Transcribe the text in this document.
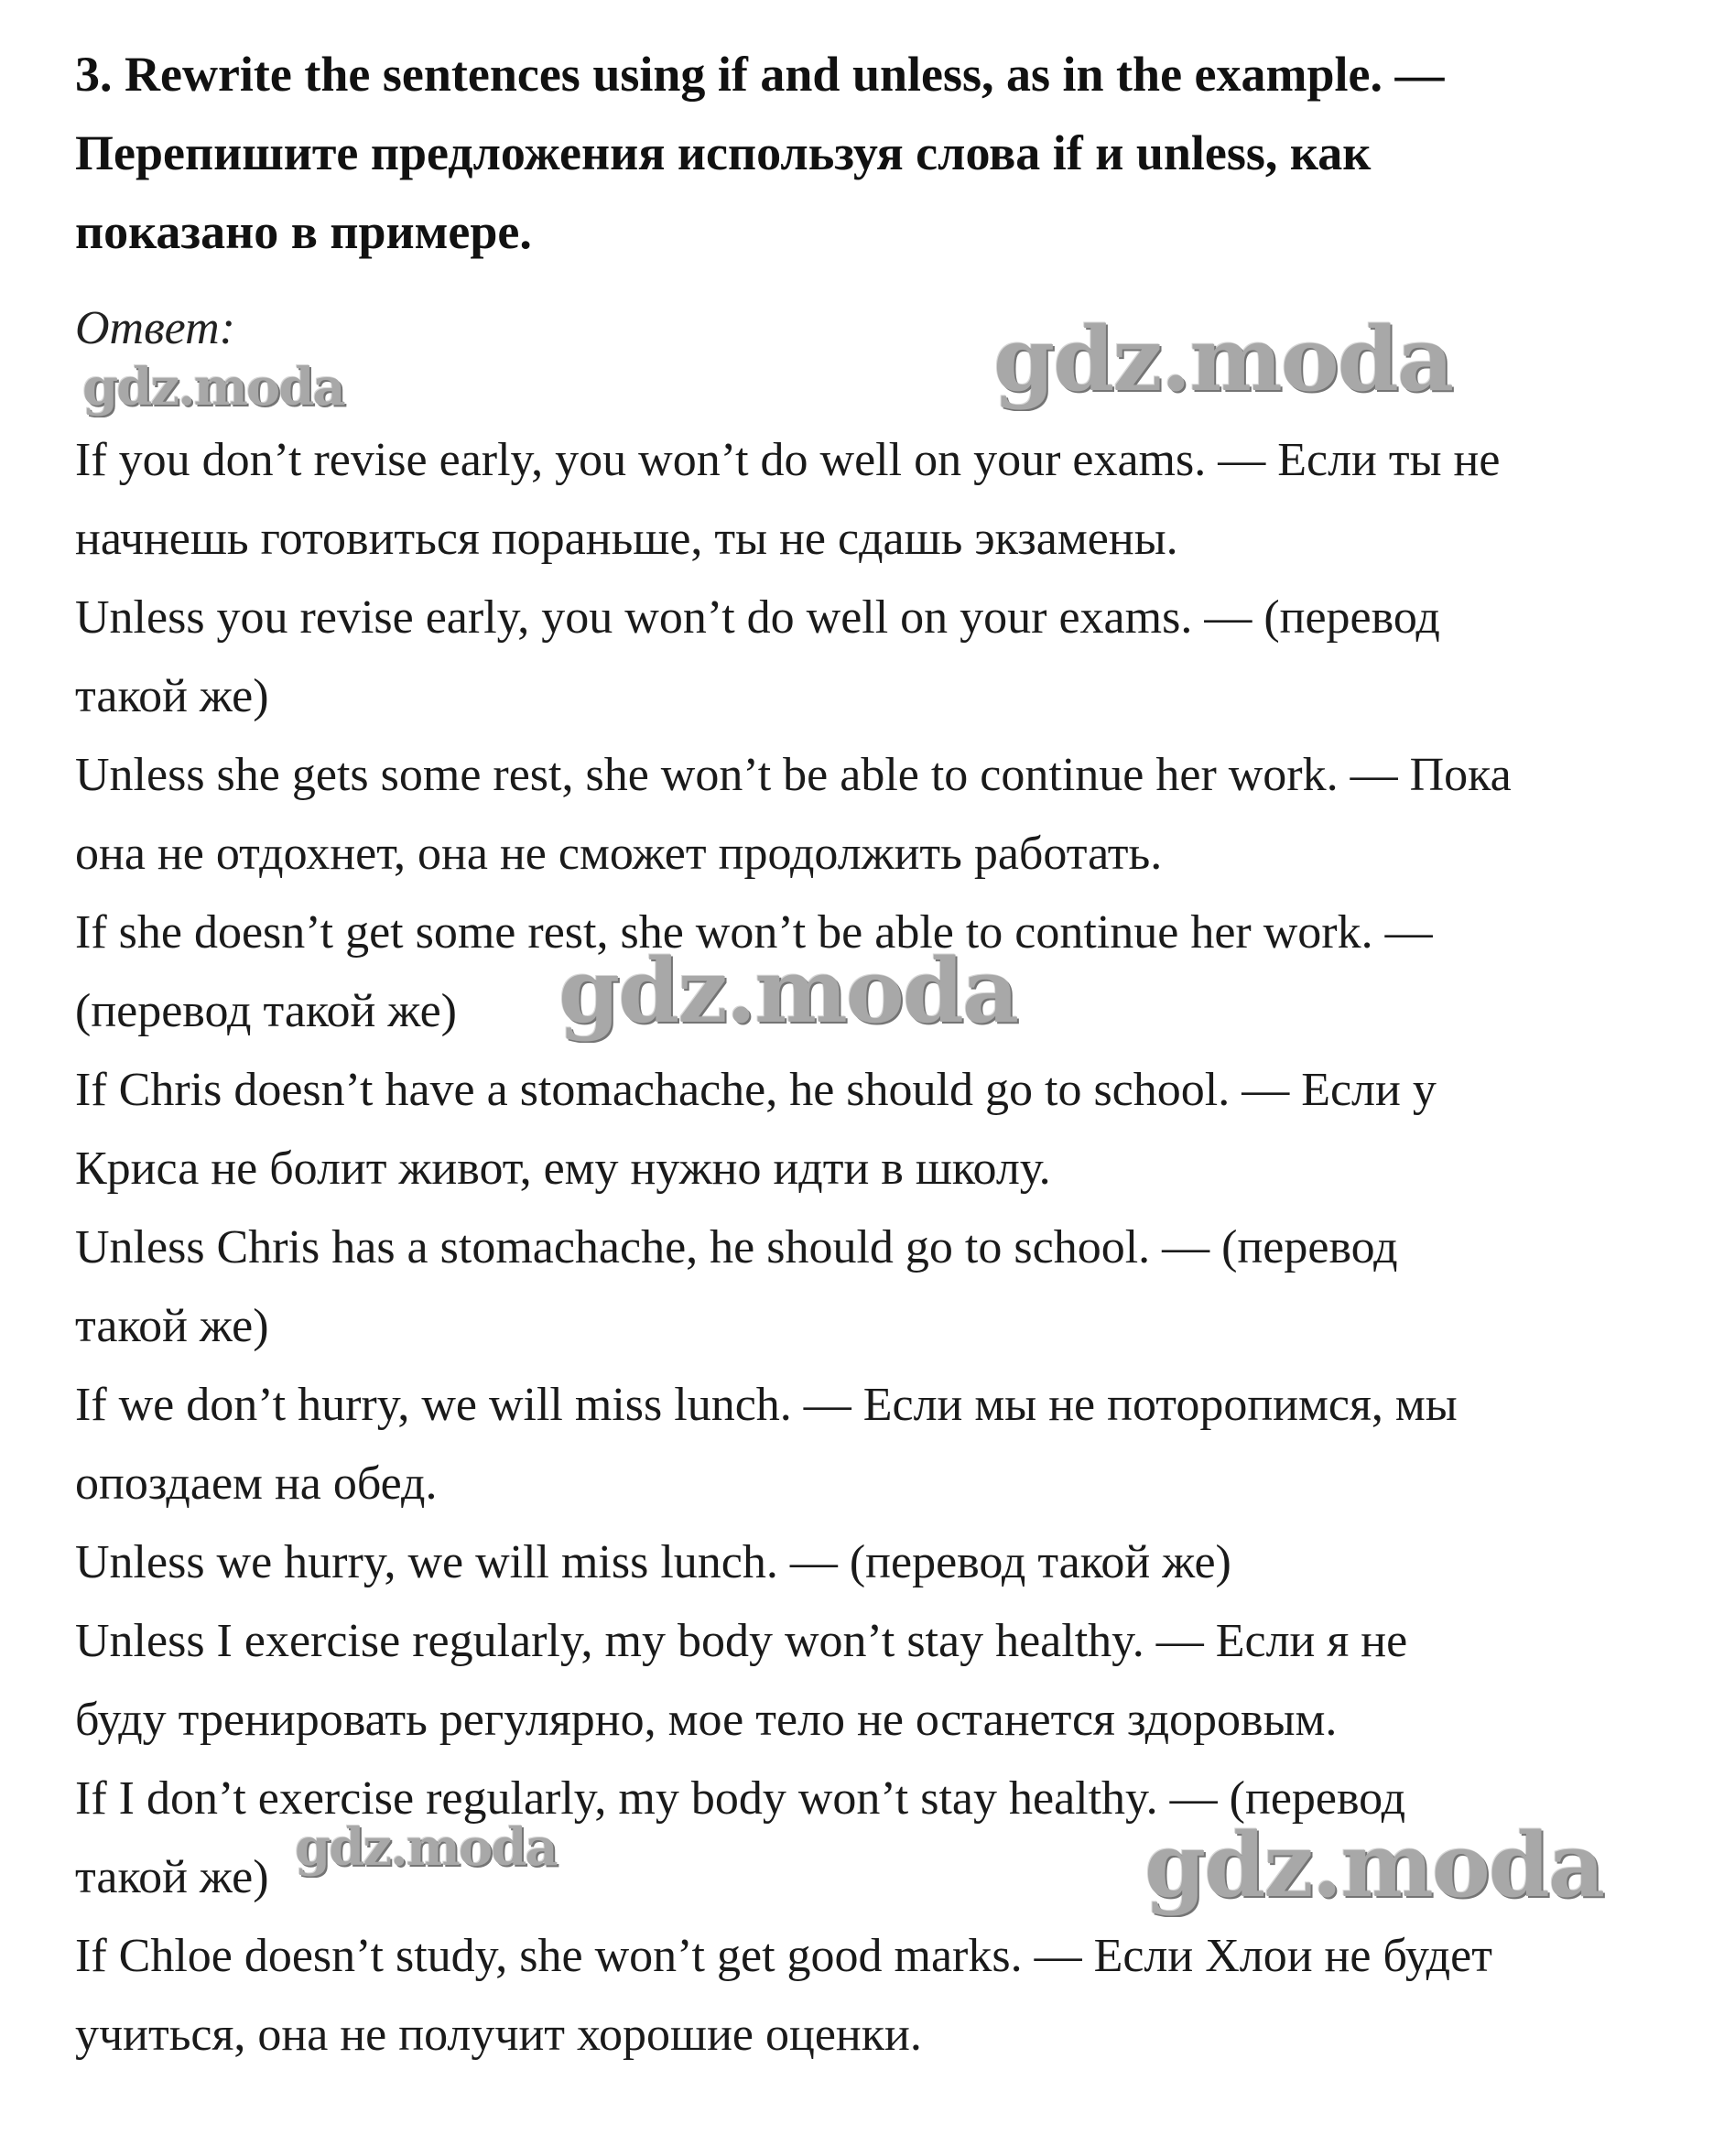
3. Rewrite the sentences using if and unless, as in the example. —

Перепишите предложения используя слова if и unless, как

показано в примере.

Ответ:

If you don’t revise early, you won’t do well on your exams. — Если ты не

начнешь готовиться пораньше, ты не сдашь экзамены.

Unless you revise early, you won’t do well on your exams. — (перевод

такой же)

Unless she gets some rest, she won’t be able to continue her work. — Пока

она не отдохнет, она не сможет продолжить работать.

If she doesn’t get some rest, she won’t be able to continue her work. —

(перевод такой же)

If Chris doesn’t have a stomachache, he should go to school. — Если у

Криса не болит живот, ему нужно идти в школу.

Unless Chris has a stomachache, he should go to school. — (перевод

такой же)

If we don’t hurry, we will miss lunch. — Если мы не поторопимся, мы

опоздаем на обед.

Unless we hurry, we will miss lunch. — (перевод такой же)

Unless I exercise regularly, my body won’t stay healthy. — Если я не

буду тренировать регулярно, мое тело не останется здоровым.

If I don’t exercise regularly, my body won’t stay healthy. — (перевод

такой же)

If Chloe doesn’t study, she won’t get good marks. — Если Хлои не будет

учиться, она не получит хорошие оценки.

gdz.moda	gdz.moda
gdz.moda
gdz.moda	gdz.moda
